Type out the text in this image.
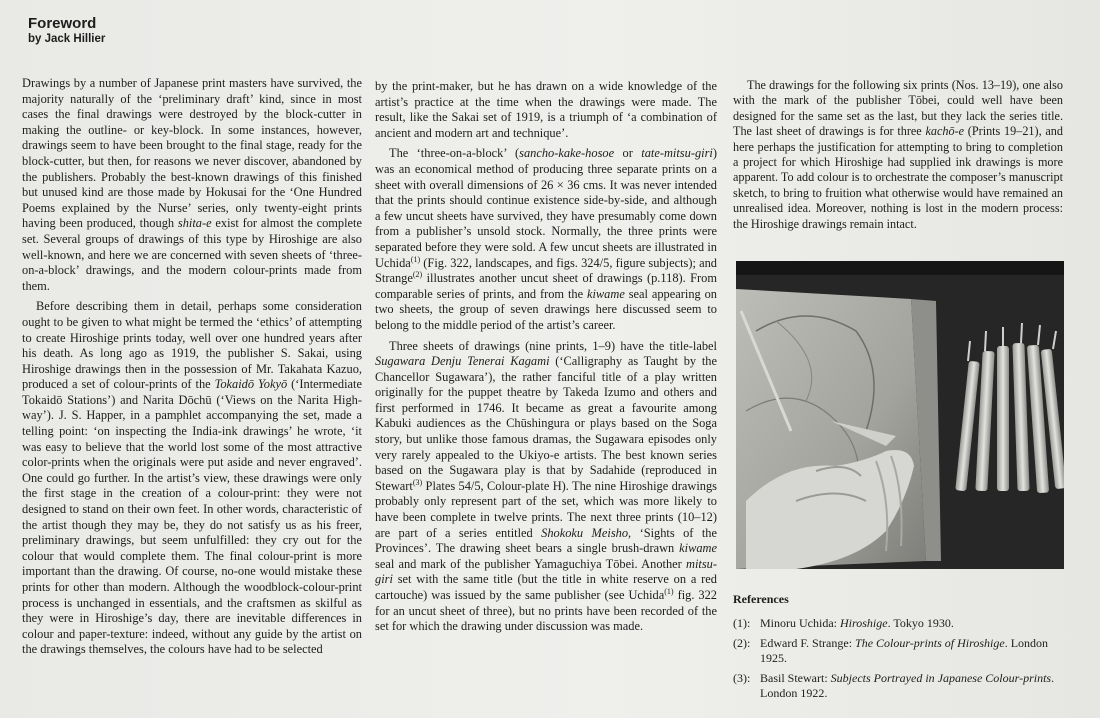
Foreword
by Jack Hillier

Drawings by a number of Japanese print masters have survived, the majority naturally of the ‘preliminary draft’ kind, since in most cases the final drawings were destroyed by the block-cutter in making the outline- or key-block. In some instances, however, drawings seem to have been brought to the final stage, ready for the block-cutter, but then, for reasons we never discover, abandoned by the publishers. Probably the best-known drawings of this finished but unused kind are those made by Hokusai for the ‘One Hundred Poems explained by the Nurse’ series, only twenty-eight prints having been produced, though shita-e exist for almost the complete set. Several groups of drawings of this type by Hiroshige are also well-known, and here we are concerned with seven sheets of ‘three-on-a-block’ drawings, and the modern colour-prints made from them.

Before describing them in detail, perhaps some consideration ought to be given to what might be termed the ‘ethics’ of attempting to create Hiroshige prints today, well over one hundred years after his death. As long ago as 1919, the publisher S. Sakai, using Hiroshige drawings then in the possession of Mr. Takahata Kazuo, produced a set of colour-prints of the Tokaidō Yokyō (‘Intermediate Tokaidō Stations’) and Narita Dōchū (‘Views on the Narita High-way’). J. S. Happer, in a pamphlet accompanying the set, made a telling point: ‘on inspecting the India-ink drawings’ he wrote, ‘it was easy to believe that the world lost some of the most attractive color-prints when the originals were put aside and never engraved’. One could go further. In the artist’s view, these drawings were only the first stage in the creation of a colour-print: they were not designed to stand on their own feet. In other words, characteristic of the artist though they may be, they do not satisfy us as his freer, preliminary drawings, but seem unfulfilled: they cry out for the colour that would complete them. The final colour-print is more important than the drawing. Of course, no-one would mistake these prints for other than modern. Although the woodblock-colour-print process is unchanged in essentials, and the craftsmen as skilful as they were in Hiroshige’s day, there are inevitable differences in colour and paper-texture: indeed, without any guide by the artist on the drawings themselves, the colours have had to be selected

by the print-maker, but he has drawn on a wide knowledge of the artist’s practice at the time when the drawings were made. The result, like the Sakai set of 1919, is a triumph of ‘a combination of ancient and modern art and technique’.

The ‘three-on-a-block’ (sancho-kake-hosoe or tate-mitsu-giri) was an economical method of producing three separate prints on a sheet with overall dimensions of 26 × 36 cms. It was never intended that the prints should continue existence side-by-side, and although a few uncut sheets have survived, they have presumably come down from a publisher’s unsold stock. Normally, the three prints were separated before they were sold. A few uncut sheets are illustrated in Uchida$^{(1)}$ (Fig. 322, landscapes, and figs. 324/5, figure subjects); and Strange$^{(2)}$ illustrates another uncut sheet of drawings (p.118). From comparable series of prints, and from the kiwame seal appearing on two sheets, the group of seven drawings here discussed seem to belong to the middle period of the artist’s career.

Three sheets of drawings (nine prints, 1–9) have the title-label Sugawara Denju Tenerai Kagami (‘Calligraphy as Taught by the Chancellor Sugawara’), the rather fanciful title of a play written originally for the puppet theatre by Takeda Izumo and others and first performed in 1746. It became as great a favourite among Kabuki audiences as the Chūshingura or plays based on the Soga story, but unlike those famous dramas, the Sugawara episodes only very rarely appealed to the Ukiyo-e artists. The best known series based on the Sugawara play is that by Sadahide (reproduced in Stewart$^{(3)}$ Plates 54/5, Colour-plate H). The nine Hiroshige drawings probably only represent part of the set, which was more likely to have been complete in twelve prints. The next three prints (10–12) are part of a series entitled Shokoku Meisho, ‘Sights of the Provinces’. The drawing sheet bears a single brush-drawn kiwame seal and mark of the publisher Yamaguchiya Tōbei. Another mitsu-giri set with the same title (but the title in white reserve on a red cartouche) was issued by the same publisher (see Uchida$^{(1)}$ fig. 322 for an uncut sheet of three), but no prints have been recorded of the set for which the drawing under discussion was made.

The drawings for the following six prints (Nos. 13–19), one also with the mark of the publisher Tōbei, could well have been designed for the same set as the last, but they lack the series title. The last sheet of drawings is for three kachō-e (Prints 19–21), and here perhaps the justification for attempting to bring to completion a project for which Hiroshige had supplied ink drawings is more apparent. To add colour is to orchestrate the composer’s manuscript sketch, to bring to fruition what otherwise would have remained an unrealised idea. Moreover, nothing is lost in the modern process: the Hiroshige drawings remain intact.

References
(1): Minoru Uchida: Hiroshige. Tokyo 1930.
(2): Edward F. Strange: The Colour-prints of Hiroshige. London 1925.
(3): Basil Stewart: Subjects Portrayed in Japanese Colour-prints. London 1922.
